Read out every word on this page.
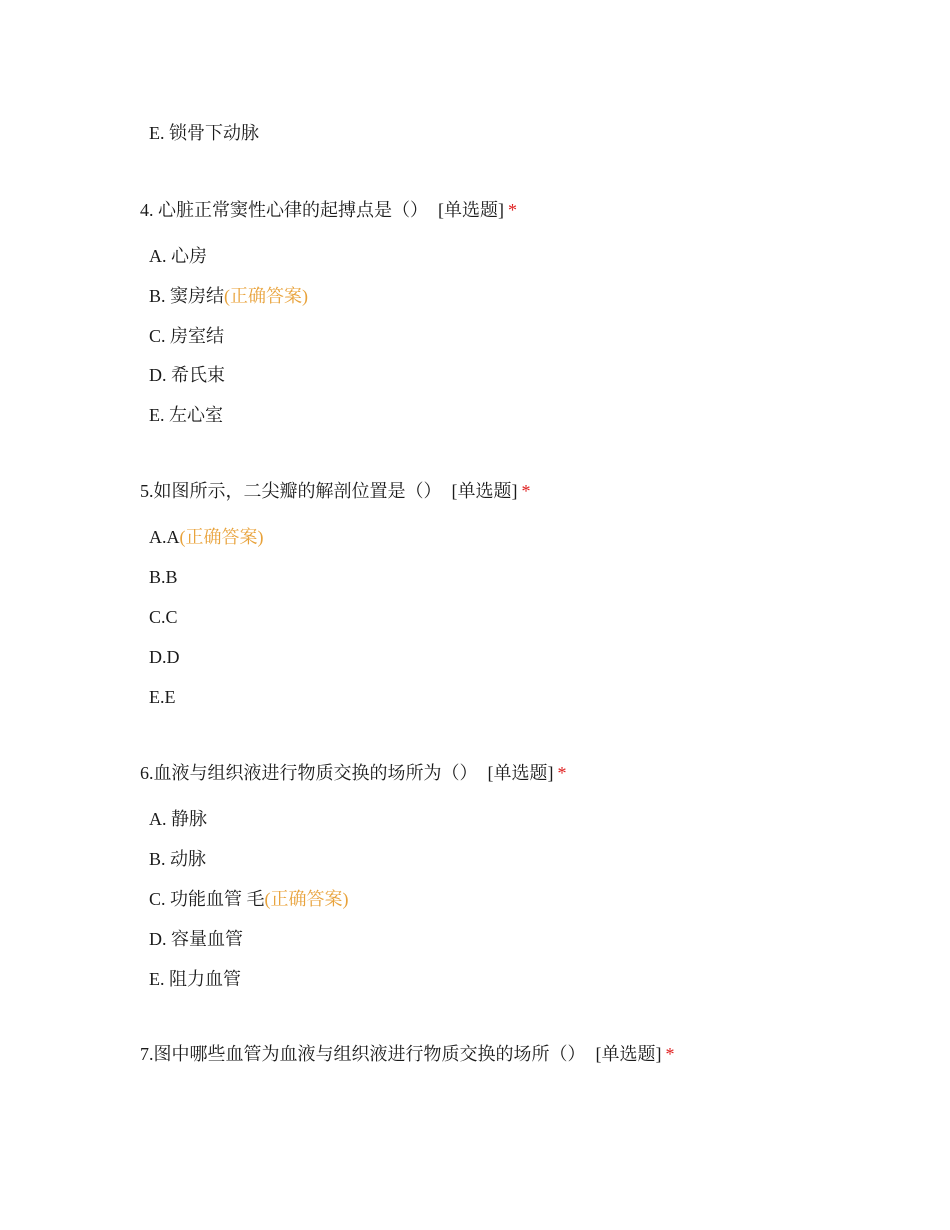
E. 锁骨下动脉
4. 心脏正常窦性心律的起搏点是（） [单选题] *
A. 心房
B. 窦房结(正确答案)
C. 房室结
D. 希氏束
E. 左心室
5.如图所示，二尖瓣的解剖位置是（） [单选题] *
A.A(正确答案)
B.B
C.C
D.D
E.E
6.血液与组织液进行物质交换的场所为（） [单选题] *
A. 静脉
B. 动脉
C. 功能血管 毛(正确答案)
D. 容量血管
E. 阻力血管
7.图中哪些血管为血液与组织液进行物质交换的场所（） [单选题] *
